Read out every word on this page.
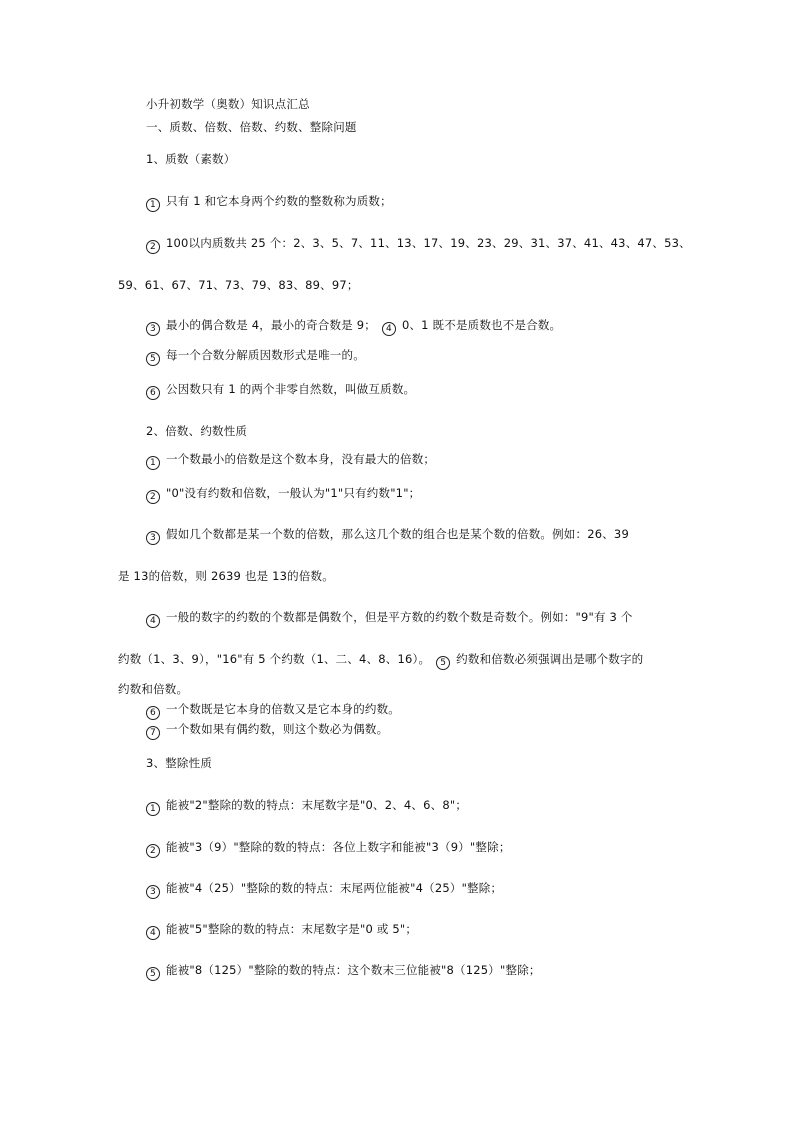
小升初数学（奥数）知识点汇总
一、质数、倍数、倍数、约数、整除问题
1、质数（素数）
1 只有 1 和它本身两个约数的整数称为质数；
2 100以内质数共 25 个：2、3、5、7、11、13、17、19、23、29、31、37、41、43、47、53、
59、61、67、71、73、79、83、89、97；
3 最小的偶合数是 4，最小的奇合数是 9； 4 0、1 既不是质数也不是合数。
5 每一个合数分解质因数形式是唯一的。
6 公因数只有 1 的两个非零自然数，叫做互质数。
2、倍数、约数性质
1 一个数最小的倍数是这个数本身，没有最大的倍数；
2 "0"没有约数和倍数，一般认为"1"只有约数"1"；
3 假如几个数都是某一个数的倍数，那么这几个数的组合也是某个数的倍数。例如：26、39
是 13的倍数，则 2639 也是 13的倍数。
4 一般的数字的约数的个数都是偶数个，但是平方数的约数个数是奇数个。例如："9"有 3 个
约数（1、3、9），"16"有 5 个约数（1、二、4、8、16）。 5 约数和倍数必须强调出是哪个数字的
约数和倍数。
6 一个数既是它本身的倍数又是它本身的约数。
7 一个数如果有偶约数，则这个数必为偶数。
3、整除性质
1 能被"2"整除的数的特点：末尾数字是"0、2、4、6、8"；
2 能被"3（9）"整除的数的特点：各位上数字和能被"3（9）"整除；
3 能被"4（25）"整除的数的特点：末尾两位能被"4（25）"整除；
4 能被"5"整除的数的特点：末尾数字是"0 或 5"；
5 能被"8（125）"整除的数的特点：这个数末三位能被"8（125）"整除；
